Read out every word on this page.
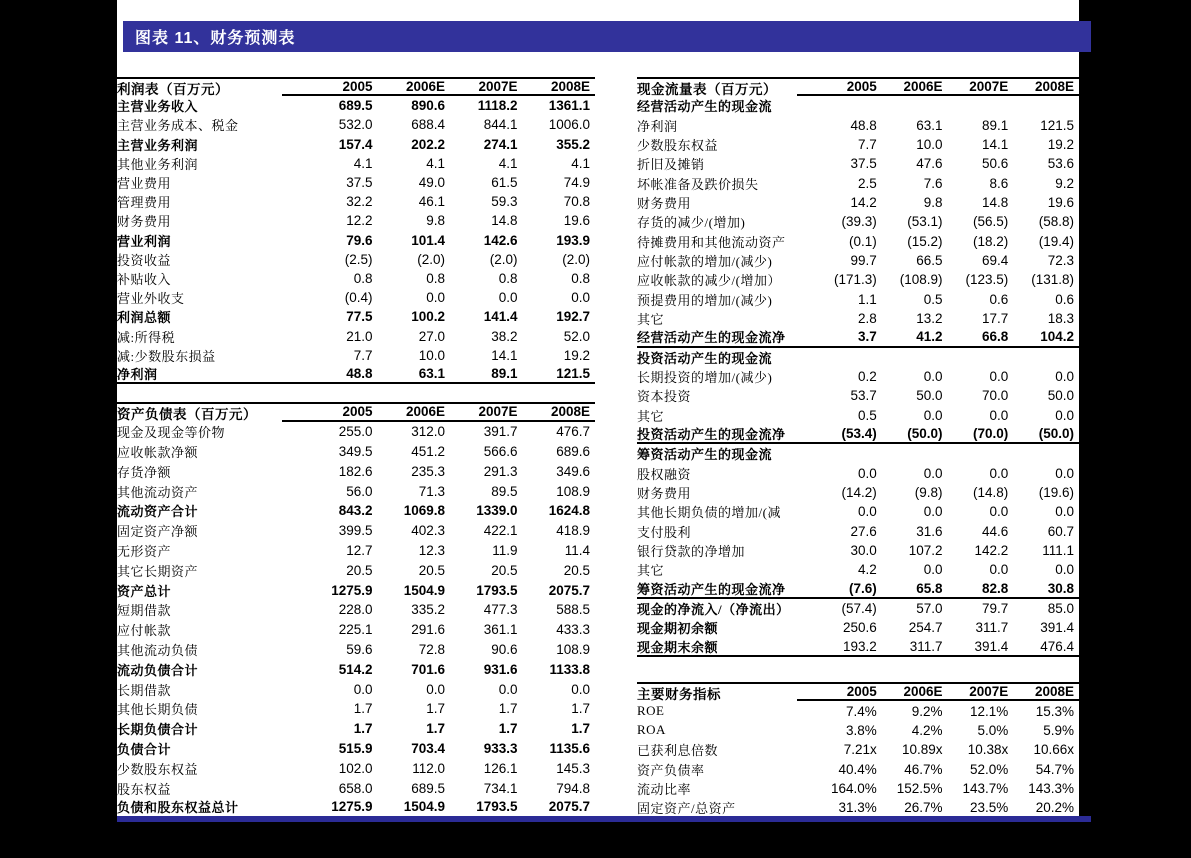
图表 11、财务预测表
利润表（百万元）	2005	2006E	2007E	2008E
主营业务收入	689.5	890.6	1118.2	1361.1
主营业务成本、税金	532.0	688.4	844.1	1006.0
主营业务利润	157.4	202.2	274.1	355.2
其他业务利润	4.1	4.1	4.1	4.1
营业费用	37.5	49.0	61.5	74.9
管理费用	32.2	46.1	59.3	70.8
财务费用	12.2	9.8	14.8	19.6
营业利润	79.6	101.4	142.6	193.9
投资收益	(2.5)	(2.0)	(2.0)	(2.0)
补贴收入	0.8	0.8	0.8	0.8
营业外收支	(0.4)	0.0	0.0	0.0
利润总额	77.5	100.2	141.4	192.7
减:所得税	21.0	27.0	38.2	52.0
减:少数股东损益	7.7	10.0	14.1	19.2
净利润	48.8	63.1	89.1	121.5
资产负债表（百万元）	2005	2006E	2007E	2008E
现金及现金等价物	255.0	312.0	391.7	476.7
应收帐款净额	349.5	451.2	566.6	689.6
存货净额	182.6	235.3	291.3	349.6
其他流动资产	56.0	71.3	89.5	108.9
流动资产合计	843.2	1069.8	1339.0	1624.8
固定资产净额	399.5	402.3	422.1	418.9
无形资产	12.7	12.3	11.9	11.4
其它长期资产	20.5	20.5	20.5	20.5
资产总计	1275.9	1504.9	1793.5	2075.7
短期借款	228.0	335.2	477.3	588.5
应付帐款	225.1	291.6	361.1	433.3
其他流动负债	59.6	72.8	90.6	108.9
流动负债合计	514.2	701.6	931.6	1133.8
长期借款	0.0	0.0	0.0	0.0
其他长期负债	1.7	1.7	1.7	1.7
长期负债合计	1.7	1.7	1.7	1.7
负债合计	515.9	703.4	933.3	1135.6
少数股东权益	102.0	112.0	126.1	145.3
股东权益	658.0	689.5	734.1	794.8
负债和股东权益总计	1275.9	1504.9	1793.5	2075.7
现金流量表（百万元）	2005	2006E	2007E	2008E
经营活动产生的现金流
净利润	48.8	63.1	89.1	121.5
少数股东权益	7.7	10.0	14.1	19.2
折旧及摊销	37.5	47.6	50.6	53.6
坏帐准备及跌价损失	2.5	7.6	8.6	9.2
财务费用	14.2	9.8	14.8	19.6
存货的减少/(增加)	(39.3)	(53.1)	(56.5)	(58.8)
待摊费用和其他流动资产	(0.1)	(15.2)	(18.2)	(19.4)
应付帐款的增加/(减少)	99.7	66.5	69.4	72.3
应收帐款的减少/(增加）	(171.3)	(108.9)	(123.5)	(131.8)
预提费用的增加/(减少)	1.1	0.5	0.6	0.6
其它	2.8	13.2	17.7	18.3
经营活动产生的现金流净	3.7	41.2	66.8	104.2
投资活动产生的现金流
长期投资的增加/(减少)	0.2	0.0	0.0	0.0
资本投资	53.7	50.0	70.0	50.0
其它	0.5	0.0	0.0	0.0
投资活动产生的现金流净	(53.4)	(50.0)	(70.0)	(50.0)
筹资活动产生的现金流
股权融资	0.0	0.0	0.0	0.0
财务费用	(14.2)	(9.8)	(14.8)	(19.6)
其他长期负债的增加/(减	0.0	0.0	0.0	0.0
支付股利	27.6	31.6	44.6	60.7
银行贷款的净增加	30.0	107.2	142.2	111.1
其它	4.2	0.0	0.0	0.0
筹资活动产生的现金流净	(7.6)	65.8	82.8	30.8
现金的净流入/（净流出）	(57.4)	57.0	79.7	85.0
现金期初余额	250.6	254.7	311.7	391.4
现金期末余额	193.2	311.7	391.4	476.4
主要财务指标	2005	2006E	2007E	2008E
ROE	7.4%	9.2%	12.1%	15.3%
ROA	3.8%	4.2%	5.0%	5.9%
已获利息倍数	7.21x	10.89x	10.38x	10.66x
资产负债率	40.4%	46.7%	52.0%	54.7%
流动比率	164.0%	152.5%	143.7%	143.3%
固定资产/总资产	31.3%	26.7%	23.5%	20.2%
